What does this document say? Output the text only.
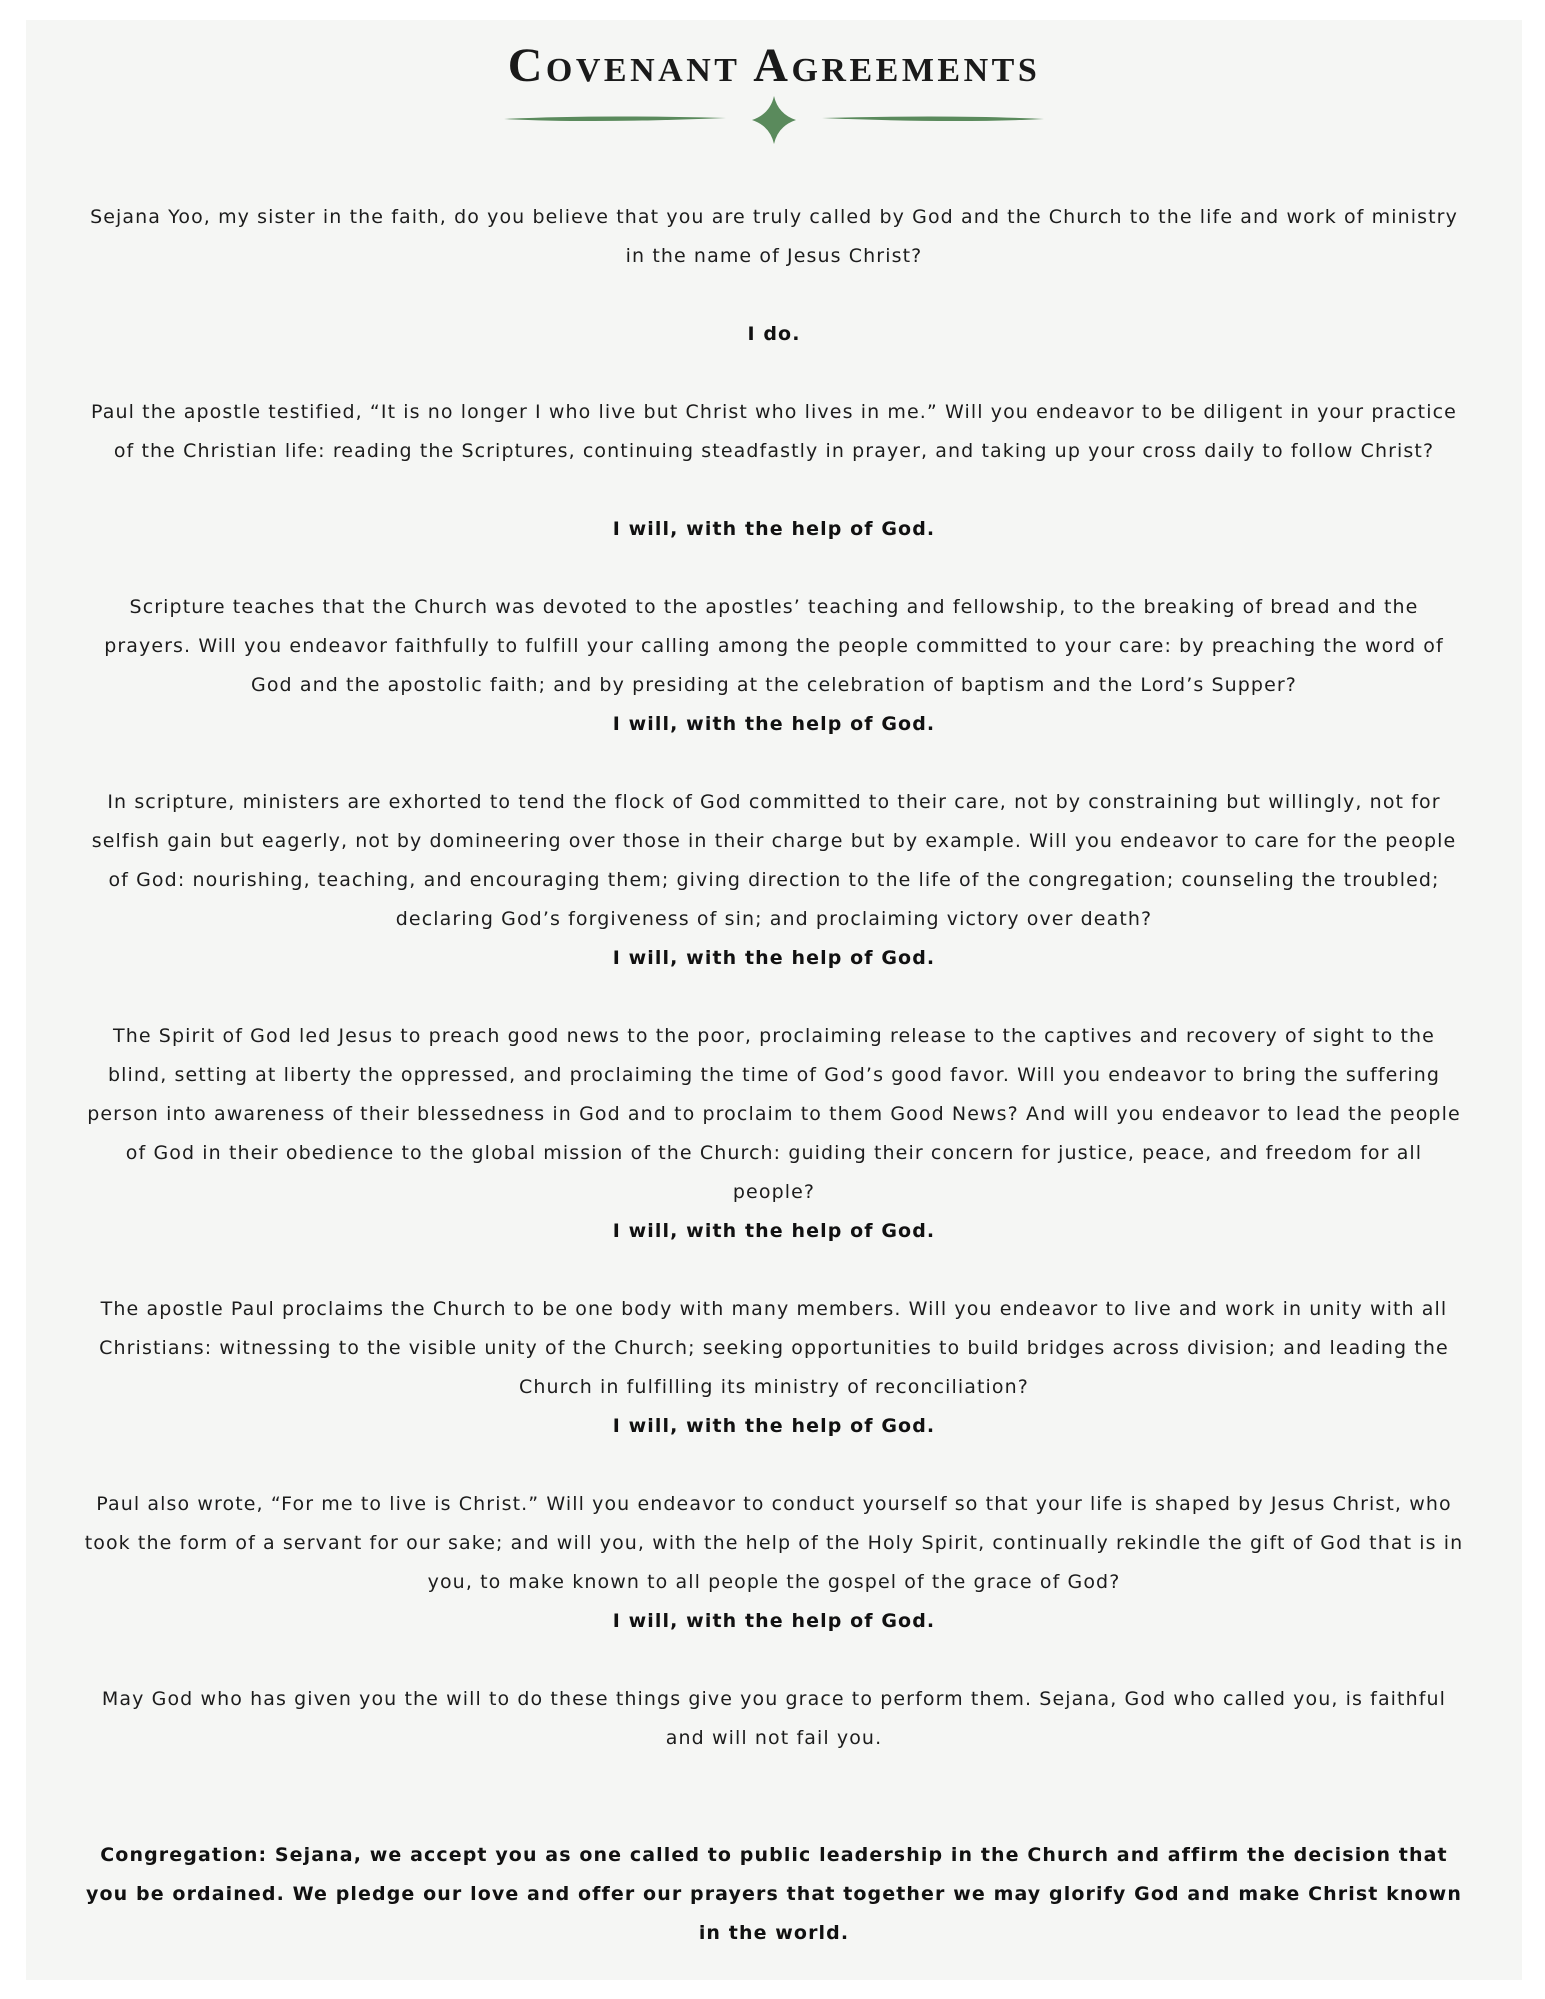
Covenant Agreements

Sejana Yoo, my sister in the faith, do you believe that you are truly called by God and the Church to the life and work of ministry in the name of Jesus Christ?

I do.

Paul the apostle testified, “It is no longer I who live but Christ who lives in me.” Will you endeavor to be diligent in your practice of the Christian life: reading the Scriptures, continuing steadfastly in prayer, and taking up your cross daily to follow Christ?

I will, with the help of God.

Scripture teaches that the Church was devoted to the apostles’ teaching and fellowship, to the breaking of bread and the prayers. Will you endeavor faithfully to fulfill your calling among the people committed to your care: by preaching the word of God and the apostolic faith; and by presiding at the celebration of baptism and the Lord’s Supper?

I will, with the help of God.

In scripture, ministers are exhorted to tend the flock of God committed to their care, not by constraining but willingly, not for selfish gain but eagerly, not by domineering over those in their charge but by example. Will you endeavor to care for the people of God: nourishing, teaching, and encouraging them; giving direction to the life of the congregation; counseling the troubled; declaring God’s forgiveness of sin; and proclaiming victory over death?

I will, with the help of God.

The Spirit of God led Jesus to preach good news to the poor, proclaiming release to the captives and recovery of sight to the blind, setting at liberty the oppressed, and proclaiming the time of God’s good favor. Will you endeavor to bring the suffering person into awareness of their blessedness in God and to proclaim to them Good News? And will you endeavor to lead the people of God in their obedience to the global mission of the Church: guiding their concern for justice, peace, and freedom for all people?

I will, with the help of God.

The apostle Paul proclaims the Church to be one body with many members. Will you endeavor to live and work in unity with all Christians: witnessing to the visible unity of the Church; seeking opportunities to build bridges across division; and leading the Church in fulfilling its ministry of reconciliation?

I will, with the help of God.

Paul also wrote, “For me to live is Christ.” Will you endeavor to conduct yourself so that your life is shaped by Jesus Christ, who took the form of a servant for our sake; and will you, with the help of the Holy Spirit, continually rekindle the gift of God that is in you, to make known to all people the gospel of the grace of God?

I will, with the help of God.

May God who has given you the will to do these things give you grace to perform them. Sejana, God who called you, is faithful and will not fail you.

Congregation: Sejana, we accept you as one called to public leadership in the Church and affirm the decision that you be ordained. We pledge our love and offer our prayers that together we may glorify God and make Christ known in the world.
